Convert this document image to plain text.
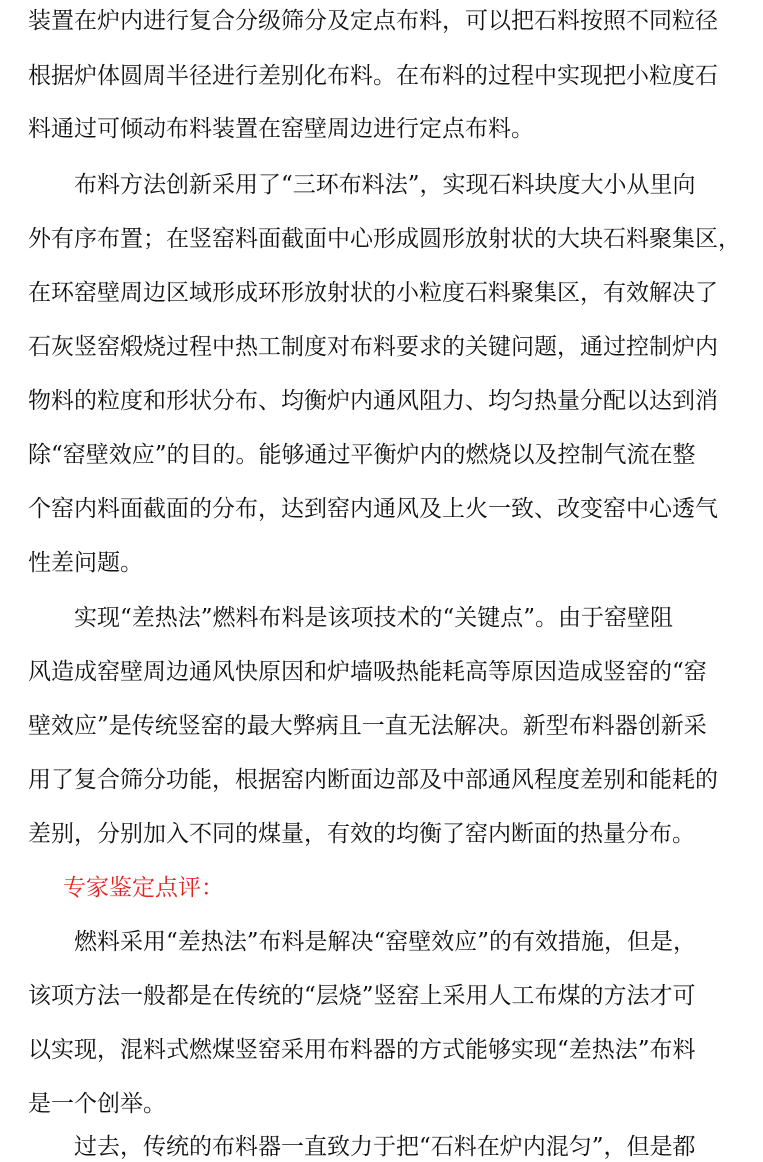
装置在炉内进行复合分级筛分及定点布料，可以把石料按照不同粒径
根据炉体圆周半径进行差别化布料。在布料的过程中实现把小粒度石
料通过可倾动布料装置在窑壁周边进行定点布料。
布料方法创新采用了“三环布料法”，实现石料块度大小从里向
外有序布置；在竖窑料面截面中心形成圆形放射状的大块石料聚集区，
在环窑壁周边区域形成环形放射状的小粒度石料聚集区，有效解决了
石灰竖窑煅烧过程中热工制度对布料要求的关键问题，通过控制炉内
物料的粒度和形状分布、均衡炉内通风阻力、均匀热量分配以达到消
除“窑壁效应”的目的。能够通过平衡炉内的燃烧以及控制气流在整
个窑内料面截面的分布，达到窑内通风及上火一致、改变窑中心透气
性差问题。
实现“差热法”燃料布料是该项技术的“关键点”。由于窑壁阻
风造成窑壁周边通风快原因和炉墙吸热能耗高等原因造成竖窑的“窑
壁效应”是传统竖窑的最大弊病且一直无法解决。新型布料器创新采
用了复合筛分功能，根据窑内断面边部及中部通风程度差别和能耗的
差别，分别加入不同的煤量，有效的均衡了窑内断面的热量分布。
专家鉴定点评：
燃料采用“差热法”布料是解决“窑壁效应”的有效措施，但是，
该项方法一般都是在传统的“层烧”竖窑上采用人工布煤的方法才可
以实现，混料式燃煤竖窑采用布料器的方式能够实现“差热法”布料
是一个创举。
过去，传统的布料器一直致力于把“石料在炉内混匀”，但是都
